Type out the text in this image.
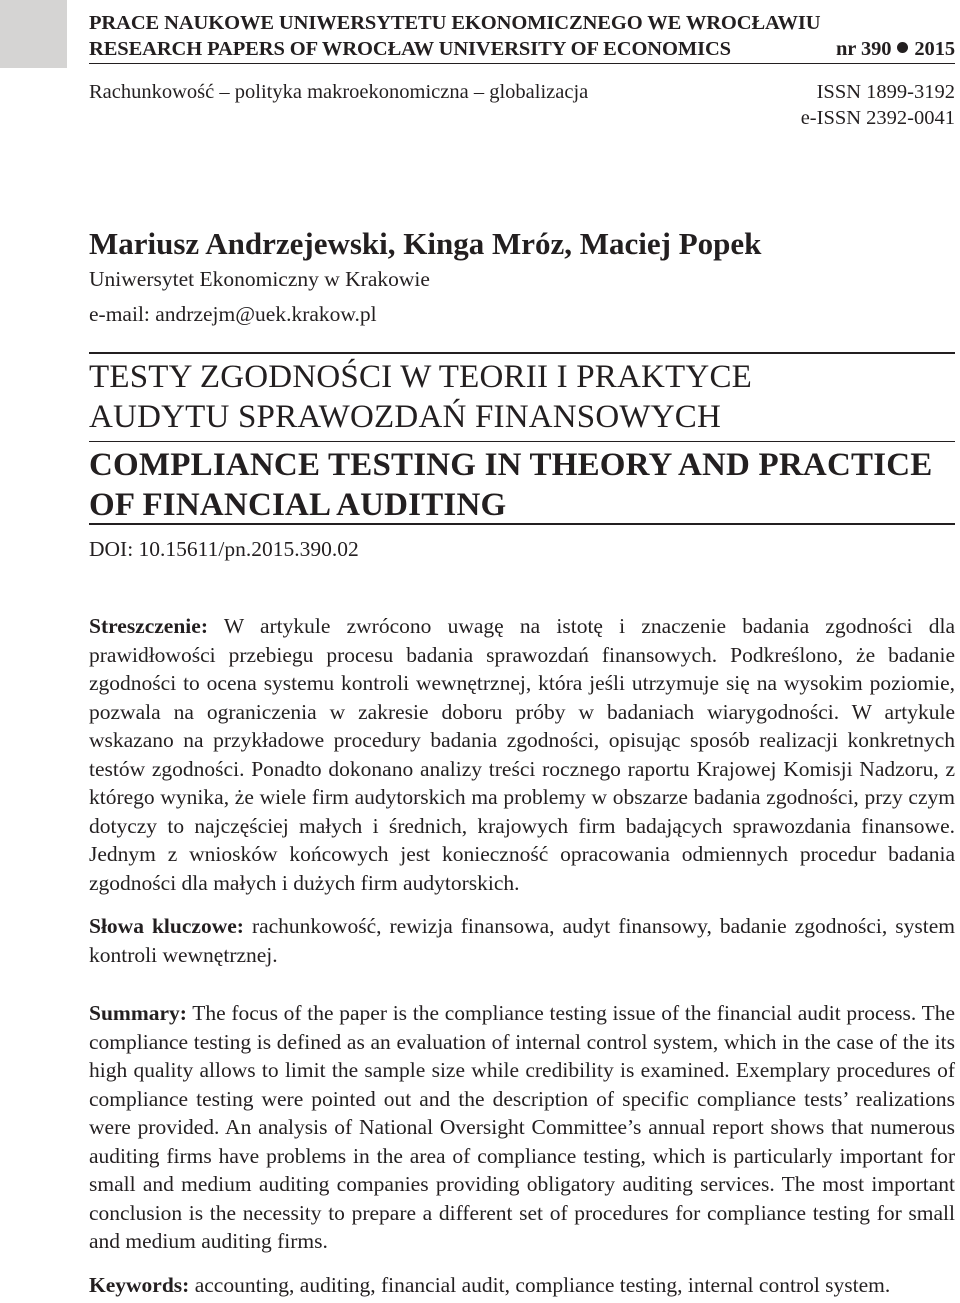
PRACE NAUKOWE UNIWERSYTETU EKONOMICZNEGO WE WROCŁAWIU
RESEARCH PAPERS OF WROCŁAW UNIVERSITY OF ECONOMICS	nr 390 2015
Rachunkowość – polityka makroekonomiczna – globalizacja	ISSN 1899-3192
e-ISSN 2392-0041
Mariusz Andrzejewski, Kinga Mróz, Maciej Popek
Uniwersytet Ekonomiczny w Krakowie
e-mail: andrzejm@uek.krakow.pl
TESTY ZGODNOŚCI W TEORII I PRAKTYCE
AUDYTU SPRAWOZDAŃ FINANSOWYCH
COMPLIANCE TESTING IN THEORY AND PRACTICE
OF FINANCIAL AUDITING
DOI: 10.15611/pn.2015.390.02

Streszczenie: W artykule zwrócono uwagę na istotę i znaczenie badania zgodności dla prawidłowości przebiegu procesu badania sprawozdań finansowych. Podkreślono, że badanie zgodności to ocena systemu kontroli wewnętrznej, która jeśli utrzymuje się na wysokim poziomie, pozwala na ograniczenia w zakresie doboru próby w badaniach wiarygodności. W artykule wskazano na przykładowe procedury badania zgodności, opisując sposób realizacji konkretnych testów zgodności. Ponadto dokonano analizy treści rocznego raportu Krajowej Komisji Nadzoru, z którego wynika, że wiele firm audytorskich ma problemy w obszarze badania zgodności, przy czym dotyczy to najczęściej małych i średnich, krajowych firm badających sprawozdania finansowe. Jednym z wniosków końcowych jest konieczność opracowania odmiennych procedur badania zgodności dla małych i dużych firm audytorskich.

Słowa kluczowe: rachunkowość, rewizja finansowa, audyt finansowy, badanie zgodności, system kontroli wewnętrznej.

Summary: The focus of the paper is the compliance testing issue of the financial audit process. The compliance testing is defined as an evaluation of internal control system, which in the case of the its high quality allows to limit the sample size while credibility is examined. Exemplary procedures of compliance testing were pointed out and the description of specific compliance tests’ realizations were provided. An analysis of National Oversight Committee’s annual report shows that numerous auditing firms have problems in the area of compliance testing, which is particularly important for small and medium auditing companies providing obligatory auditing services. The most important conclusion is the necessity to prepare a different set of procedures for compliance testing for small and medium auditing firms.

Keywords: accounting, auditing, financial audit, compliance testing, internal control system.
